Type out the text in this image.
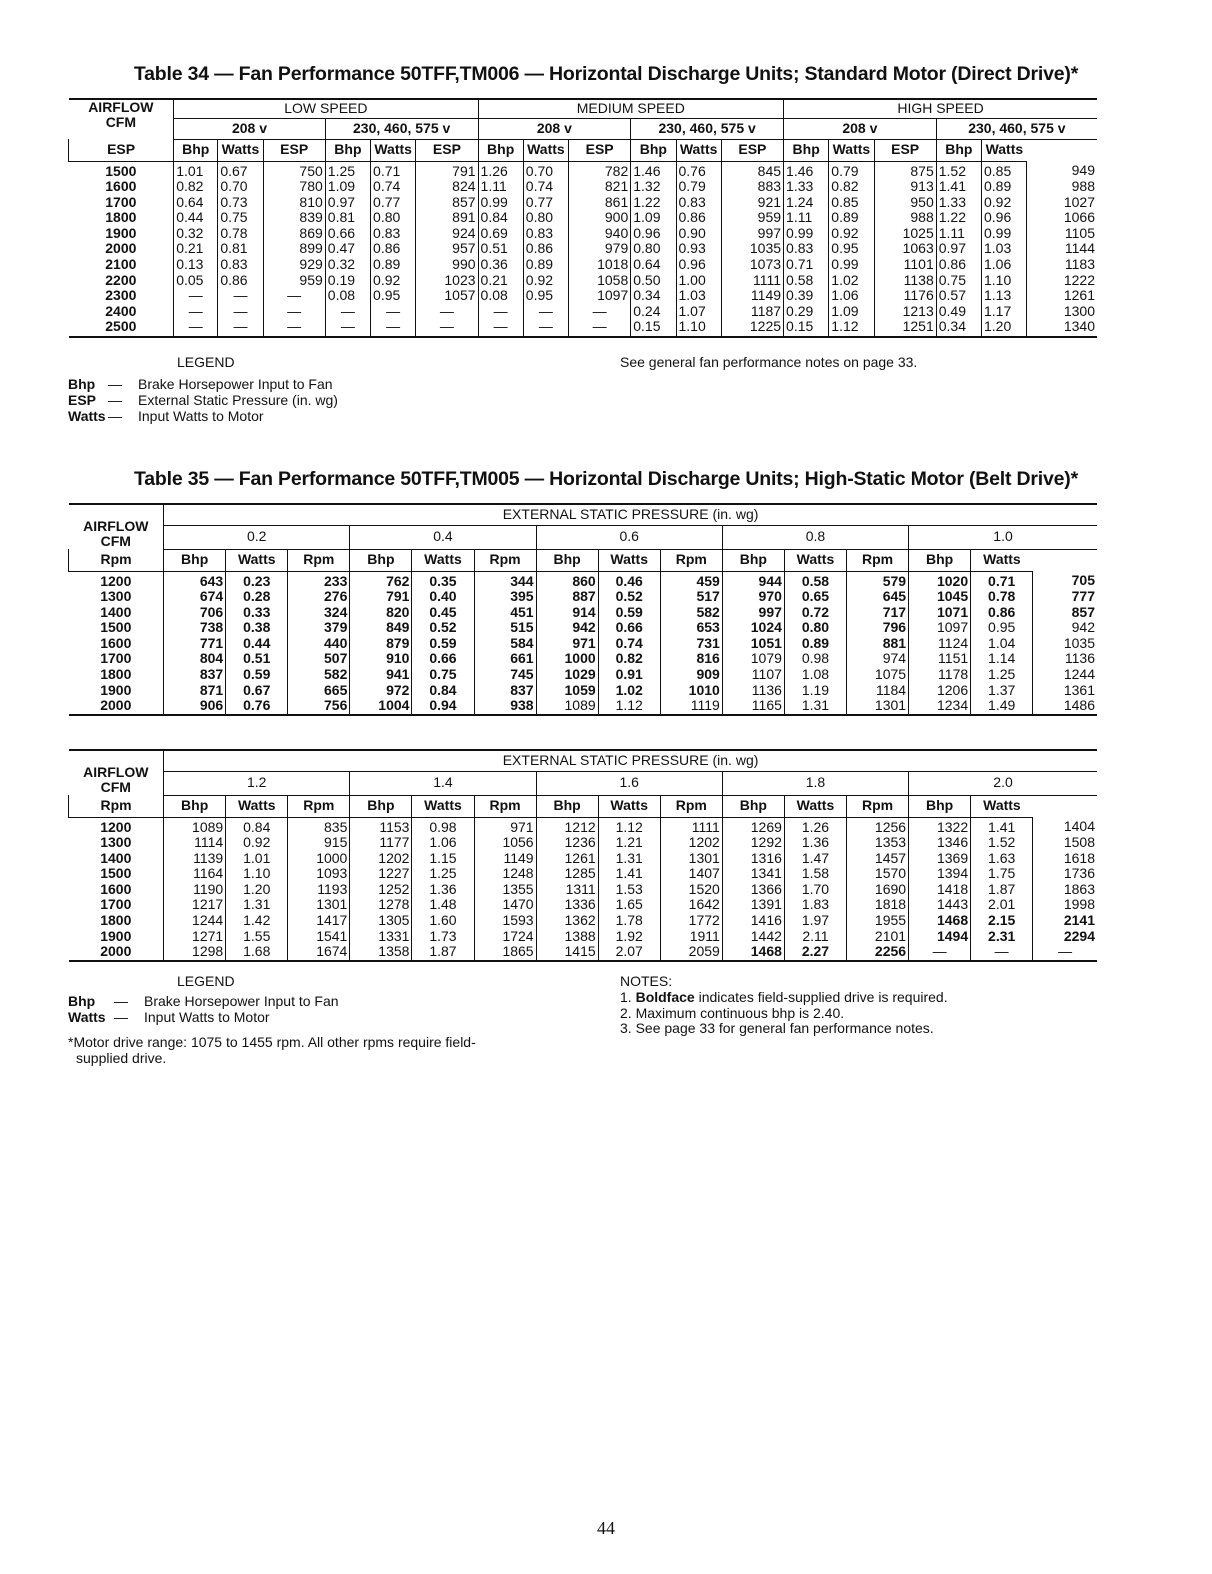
Table 34 — Fan Performance 50TFF,TM006 — Horizontal Discharge Units; Standard Motor (Direct Drive)*
AIRFLOW
CFM	LOW SPEED						MEDIUM SPEED						HIGH SPEED					
	208 v			230, 460, 575 v			208 v			230, 460, 575 v			208 v			230, 460, 575 v		
ESP	Bhp	Watts	ESP	Bhp	Watts	ESP	Bhp	Watts	ESP	Bhp	Watts	ESP	Bhp	Watts	ESP	Bhp	Watts	
1500	1.01	0.67	750	1.25	0.71	791	1.26	0.70	782	1.46	0.76	845	1.46	0.79	875	1.52	0.85	949
1600	0.82	0.70	780	1.09	0.74	824	1.11	0.74	821	1.32	0.79	883	1.33	0.82	913	1.41	0.89	988
1700	0.64	0.73	810	0.97	0.77	857	0.99	0.77	861	1.22	0.83	921	1.24	0.85	950	1.33	0.92	1027
1800	0.44	0.75	839	0.81	0.80	891	0.84	0.80	900	1.09	0.86	959	1.11	0.89	988	1.22	0.96	1066
1900	0.32	0.78	869	0.66	0.83	924	0.69	0.83	940	0.96	0.90	997	0.99	0.92	1025	1.11	0.99	1105
2000	0.21	0.81	899	0.47	0.86	957	0.51	0.86	979	0.80	0.93	1035	0.83	0.95	1063	0.97	1.03	1144
2100	0.13	0.83	929	0.32	0.89	990	0.36	0.89	1018	0.64	0.96	1073	0.71	0.99	1101	0.86	1.06	1183
2200	0.05	0.86	959	0.19	0.92	1023	0.21	0.92	1058	0.50	1.00	1111	0.58	1.02	1138	0.75	1.10	1222
2300	—	—	—	0.08	0.95	1057	0.08	0.95	1097	0.34	1.03	1149	0.39	1.06	1176	0.57	1.13	1261
2400	—	—	—	—	—	—	—	—	—	0.24	1.07	1187	0.29	1.09	1213	0.49	1.17	1300
2500	—	—	—	—	—	—	—	—	—	0.15	1.10	1225	0.15	1.12	1251	0.34	1.20	1340
LEGEND	See general fan performance notes on page 33.
Bhp — Brake Horsepower Input to Fan
ESP — External Static Pressure (in. wg)
Watts — Input Watts to Motor
Table 35 — Fan Performance 50TFF,TM005 — Horizontal Discharge Units; High-Static Motor (Belt Drive)*
AIRFLOW
CFM	EXTERNAL STATIC PRESSURE (in. wg)														
	0.2			0.4			0.6			0.8			1.0		
Rpm	Bhp	Watts	Rpm	Bhp	Watts	Rpm	Bhp	Watts	Rpm	Bhp	Watts	Rpm	Bhp	Watts	
1200	643	0.23	233	762	0.35	344	860	0.46	459	944	0.58	579	1020	0.71	705
1300	674	0.28	276	791	0.40	395	887	0.52	517	970	0.65	645	1045	0.78	777
1400	706	0.33	324	820	0.45	451	914	0.59	582	997	0.72	717	1071	0.86	857
1500	738	0.38	379	849	0.52	515	942	0.66	653	1024	0.80	796	1097	0.95	942
1600	771	0.44	440	879	0.59	584	971	0.74	731	1051	0.89	881	1124	1.04	1035
1700	804	0.51	507	910	0.66	661	1000	0.82	816	1079	0.98	974	1151	1.14	1136
1800	837	0.59	582	941	0.75	745	1029	0.91	909	1107	1.08	1075	1178	1.25	1244
1900	871	0.67	665	972	0.84	837	1059	1.02	1010	1136	1.19	1184	1206	1.37	1361
2000	906	0.76	756	1004	0.94	938	1089	1.12	1119	1165	1.31	1301	1234	1.49	1486
AIRFLOW
CFM	EXTERNAL STATIC PRESSURE (in. wg)														
	1.2			1.4			1.6			1.8			2.0		
Rpm	Bhp	Watts	Rpm	Bhp	Watts	Rpm	Bhp	Watts	Rpm	Bhp	Watts	Rpm	Bhp	Watts	
1200	1089	0.84	835	1153	0.98	971	1212	1.12	1111	1269	1.26	1256	1322	1.41	1404
1300	1114	0.92	915	1177	1.06	1056	1236	1.21	1202	1292	1.36	1353	1346	1.52	1508
1400	1139	1.01	1000	1202	1.15	1149	1261	1.31	1301	1316	1.47	1457	1369	1.63	1618
1500	1164	1.10	1093	1227	1.25	1248	1285	1.41	1407	1341	1.58	1570	1394	1.75	1736
1600	1190	1.20	1193	1252	1.36	1355	1311	1.53	1520	1366	1.70	1690	1418	1.87	1863
1700	1217	1.31	1301	1278	1.48	1470	1336	1.65	1642	1391	1.83	1818	1443	2.01	1998
1800	1244	1.42	1417	1305	1.60	1593	1362	1.78	1772	1416	1.97	1955	1468	2.15	2141
1900	1271	1.55	1541	1331	1.73	1724	1388	1.92	1911	1442	2.11	2101	1494	2.31	2294
2000	1298	1.68	1674	1358	1.87	1865	1415	2.07	2059	1468	2.27	2256	—	—	—
LEGEND
Bhp — Brake Horsepower Input to Fan
Watts — Input Watts to Motor
*Motor drive range: 1075 to 1455 rpm. All other rpms require field-
supplied drive.
NOTES:
1. Boldface indicates field-supplied drive is required.
2. Maximum continuous bhp is 2.40.
3. See page 33 for general fan performance notes.
44
